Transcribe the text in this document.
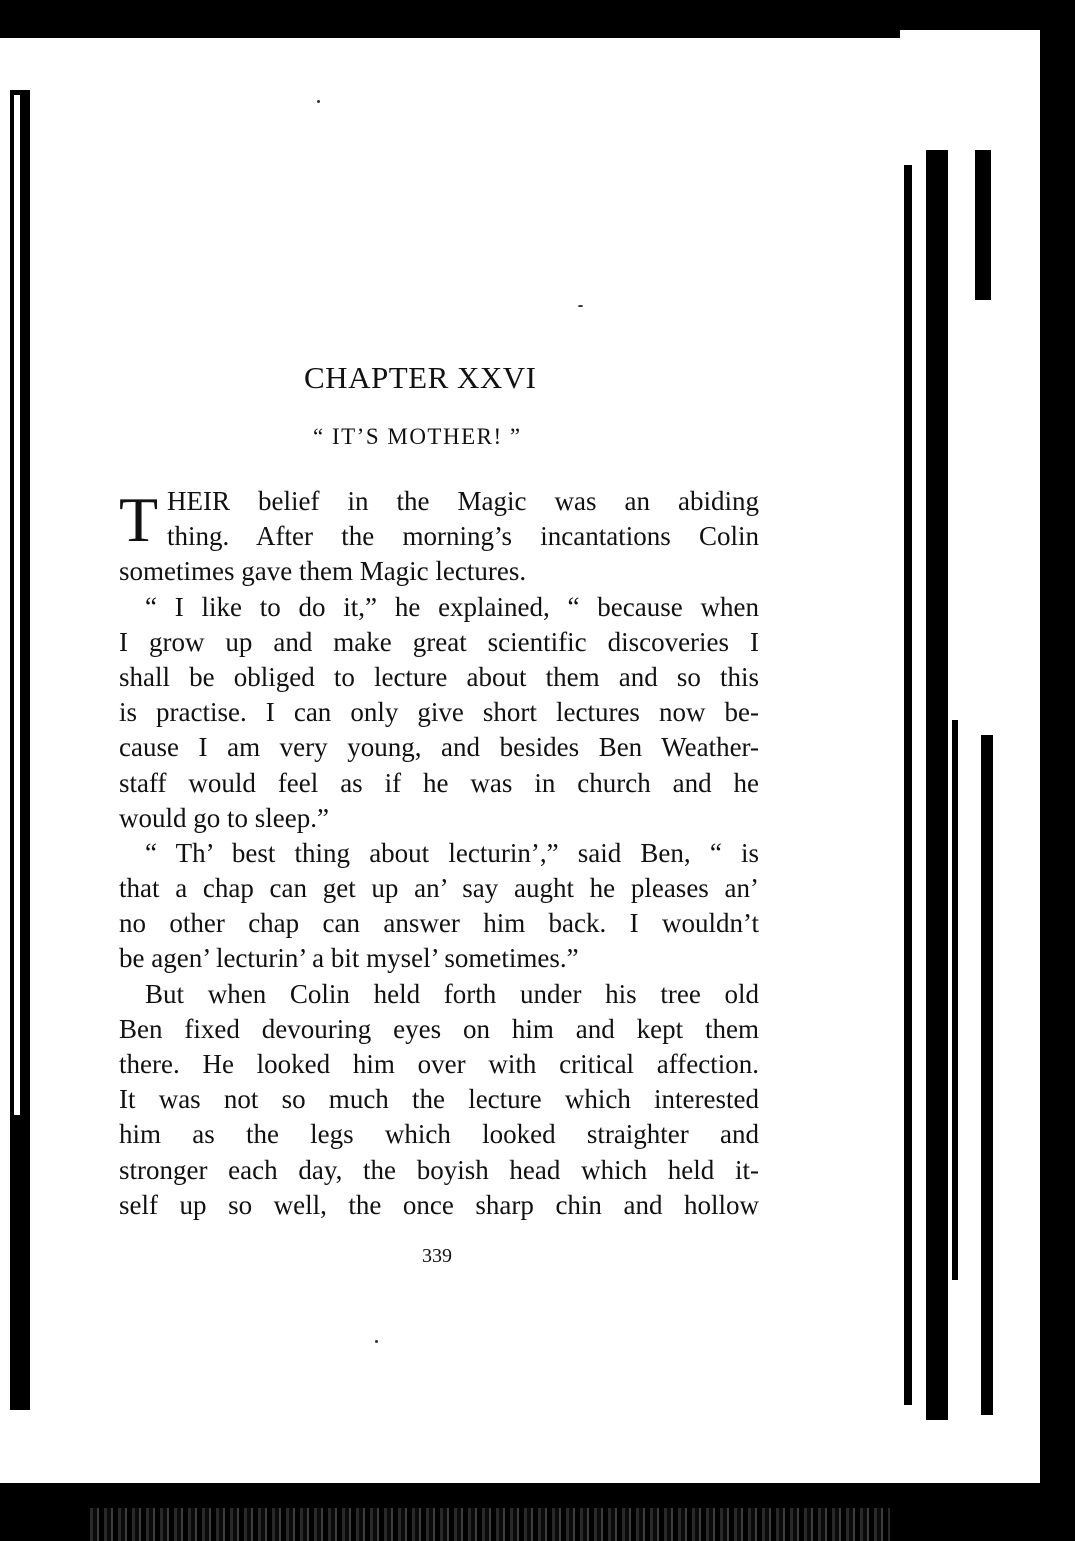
CHAPTER XXVI
“ IT’S MOTHER! ”
T HEIR belief in the Magic was an abiding
thing. After the morning’s incantations Colin
sometimes gave them Magic lectures.
“ I like to do it,” he explained, “ because when
I grow up and make great scientific discoveries I
shall be obliged to lecture about them and so this
is practise. I can only give short lectures now be-
cause I am very young, and besides Ben Weather-
staff would feel as if he was in church and he
would go to sleep.”
“ Th’ best thing about lecturin’,” said Ben, “ is
that a chap can get up an’ say aught he pleases an’
no other chap can answer him back. I wouldn’t
be agen’ lecturin’ a bit mysel’ sometimes.”
But when Colin held forth under his tree old
Ben fixed devouring eyes on him and kept them
there. He looked him over with critical affection.
It was not so much the lecture which interested
him as the legs which looked straighter and
stronger each day, the boyish head which held it-
self up so well, the once sharp chin and hollow
339
